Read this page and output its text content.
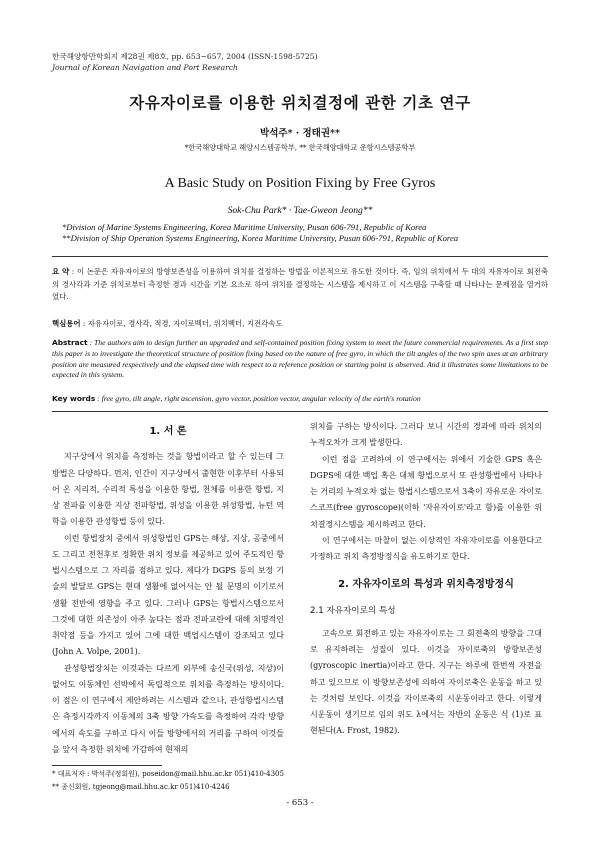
한국해양항만학회지 제28권 제8호, pp. 653~657, 2004 (ISSN-1598-5725)
Journal of Korean Navigation and Port Research
자유자이로를 이용한 위치결정에 관한 기초 연구
박석주* · 정태권**
*한국해양대학교 해양시스템공학부, ** 한국해양대학교 운항시스템공학부
A Basic Study on Position Fixing by Free Gyros
Sok-Chu Park* · Tae-Gweon Jeong**
*Division of Marine Systems Engineering, Korea Maritime University, Pusan 606-791, Republic of Korea
**Division of Ship Operation Systems Engineering, Korea Maritime University, Pusan 606-791, Republic of Korea
요 약 : 이 논문은 자유자이로의 방향보존성을 이용하여 위치를 결정하는 방법을 이론적으로 유도한 것이다. 즉, 임의 위치에서 두 대의 자유자이로 회전축의 경사각과 기준 위치로부터 측정한 경과 시간을 기본 요소로 하여 위치를 결정하는 시스템을 제시하고 이 시스템을 구축할 때 나타나는 문제점을 열거하였다.
핵심용어 : 자유자이로, 경사각, 적경, 자이로벡터, 위치벡터, 지전각속도
Abstract : The authors aim to design further an upgraded and self-contained position fixing system to meet the future commercial requirements. As a first step this paper is to investigate the theoretical structure of position fixing based on the nature of free gyro, in which the tilt angles of the two spin axes at an arbitrary position are measured respectively and the elapsed time with respect to a reference position or starting point is observed. And it illustrates some limitations to be expected in this system.
Key words : free gyro, tilt angle, right ascension, gyro vector, position vector, angular velocity of the earth's rotation
1. 서 론

지구상에서 위치를 측정하는 것을 항법이라고 할 수 있는데 그 방법은 다양하다. 먼저, 인간이 지구상에서 출현한 이후부터 사용되어 온 지리적, 수리적 특성을 이용한 항법, 천체를 이용한 항법, 지상 전파를 이용한 지상 전파항법, 위성을 이용한 위성항법, 뉴턴 역학을 이용한 관성항법 등이 있다.

이런 항법장치 중에서 위성항법인 GPS는 해상, 지상, 공중에서도 그리고 전천후로 정확한 위치 정보를 제공하고 있어 주도적인 항법시스템으로 그 자리를 점하고 있다. 제다가 DGPS 등의 보정 기술의 발달로 GPS는 현대 생활에 없어서는 안 될 문명의 이기로서 생활 전반에 영향을 주고 있다. 그러나 GPS는 항법시스템으로서 그것에 대한 의존성이 아주 높다는 점과 전파교란에 대해 치명적인 취약점 등을 가지고 있어 그에 대한 백업시스템이 강조되고 있다(John A. Volpe, 2001).

관성항법장치는 이것과는 다르게 외부에 송신국(위성, 지상)이 없어도 이동체인 선박에서 독립적으로 위치를 측정하는 방식이다. 이 점은 이 연구에서 제안하려는 시스템과 같으나, 관성항법시스템은 측정시각까지 이동체의 3축 방향 가속도를 측정하여 각각 방향에서의 속도를 구하고 다시 이들 방향에서의 거리를 구하여 이것들을 앞서 측정한 위치에 가감하여 현재의

위치를 구하는 방식이다. 그러다 보니 시간의 경과에 따라 위치의 누적오차가 크게 발생한다.

이런 점을 고려하여 이 연구에서는 위에서 기술한 GPS 혹은 DGPS에 대한 백업 혹은 대체 항법으로서 또 관성항법에서 나타나는 거리의 누적오차 없는 항법시스템으로서 3축이 자유로운 자이로스코프(free gyroscope)(이하 '자유자이로'라고 함)를 이용한 위치결정시스템을 제시하려고 한다.

이 연구에서는 마찰이 없는 이상적인 자유자이로를 이용한다고 가정하고 위치 측정방정식을 유도하기로 한다.

2. 자유자이로의 특성과 위치측정방정식
2.1 자유자이로의 특성

고속으로 회전하고 있는 자유자이로는 그 회전축의 방향을 그대로 유지하려는 성질이 있다. 이것을 자이로축의 방향보존성(gyroscopic inertia)이라고 한다. 지구는 하루에 한번씩 자전을 하고 있으므로 이 방향보존성에 의하여 자이로축은 운동을 하고 있는 것처럼 보인다. 이것을 자이로축의 시운동이라고 한다. 이렇게 시운동이 생기므로 임의 위도 λ에서는 자반의 운동은 식 (1)로 표현된다(A. Frost, 1982).

* 대표저자 : 박석주(정회원), poseidon@mail.hhu.ac.kr 051)410-4305
** 종신회원, tgjeong@mail.hhu.ac.kr 051)410-4246
- 653 -
